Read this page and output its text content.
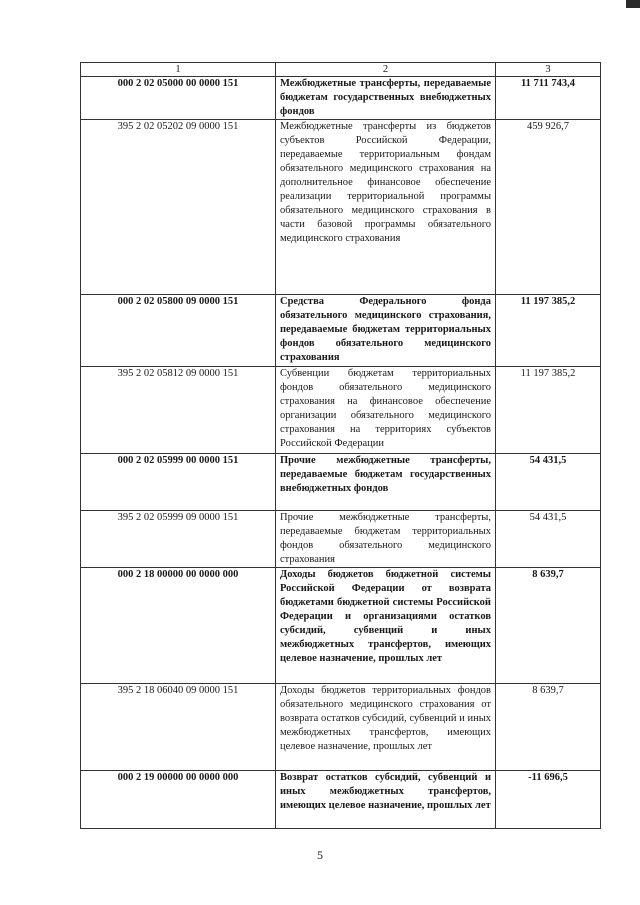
1	2	3
000 2 02 05000 00 0000 151	Межбюджетные трансферты, передаваемые бюджетам государственных внебюджетных фондов	11 711 743,4
395 2 02 05202 09 0000 151	Межбюджетные трансферты из бюджетов субъектов Российской Федерации, передаваемые территориальным фондам обязательного медицинского страхования на дополнительное финансовое обеспечение реализации территориальной программы обязательного медицинского страхования в части базовой программы обязательного медицинского страхования	459 926,7
000 2 02 05800 09 0000 151	Средства Федерального фонда обязательного медицинского страхования, передаваемые бюджетам территориальных фондов обязательного медицинского страхования	11 197 385,2
395 2 02 05812 09 0000 151	Субвенции бюджетам территориальных фондов обязательного медицинского страхования на финансовое обеспечение организации обязательного медицинского страхования на территориях субъектов Российской Федерации	11 197 385,2
000 2 02 05999 00 0000 151	Прочие межбюджетные трансферты, передаваемые бюджетам государственных внебюджетных фондов	54 431,5
395 2 02 05999 09 0000 151	Прочие межбюджетные трансферты, передаваемые бюджетам территориальных фондов обязательного медицинского страхования	54 431,5
000 2 18 00000 00 0000 000	Доходы бюджетов бюджетной системы Российской Федерации от возврата бюджетами бюджетной системы Российской Федерации и организациями остатков субсидий, субвенций и иных межбюджетных трансфертов, имеющих целевое назначение, прошлых лет	8 639,7
395 2 18 06040 09 0000 151	Доходы бюджетов территориальных фондов обязательного медицинского страхования от возврата остатков субсидий, субвенций и иных межбюджетных трансфертов, имеющих целевое назначение, прошлых лет	8 639,7
000 2 19 00000 00 0000 000	Возврат остатков субсидий, субвенций и иных межбюджетных трансфертов, имеющих целевое назначение, прошлых лет	-11 696,5
5
